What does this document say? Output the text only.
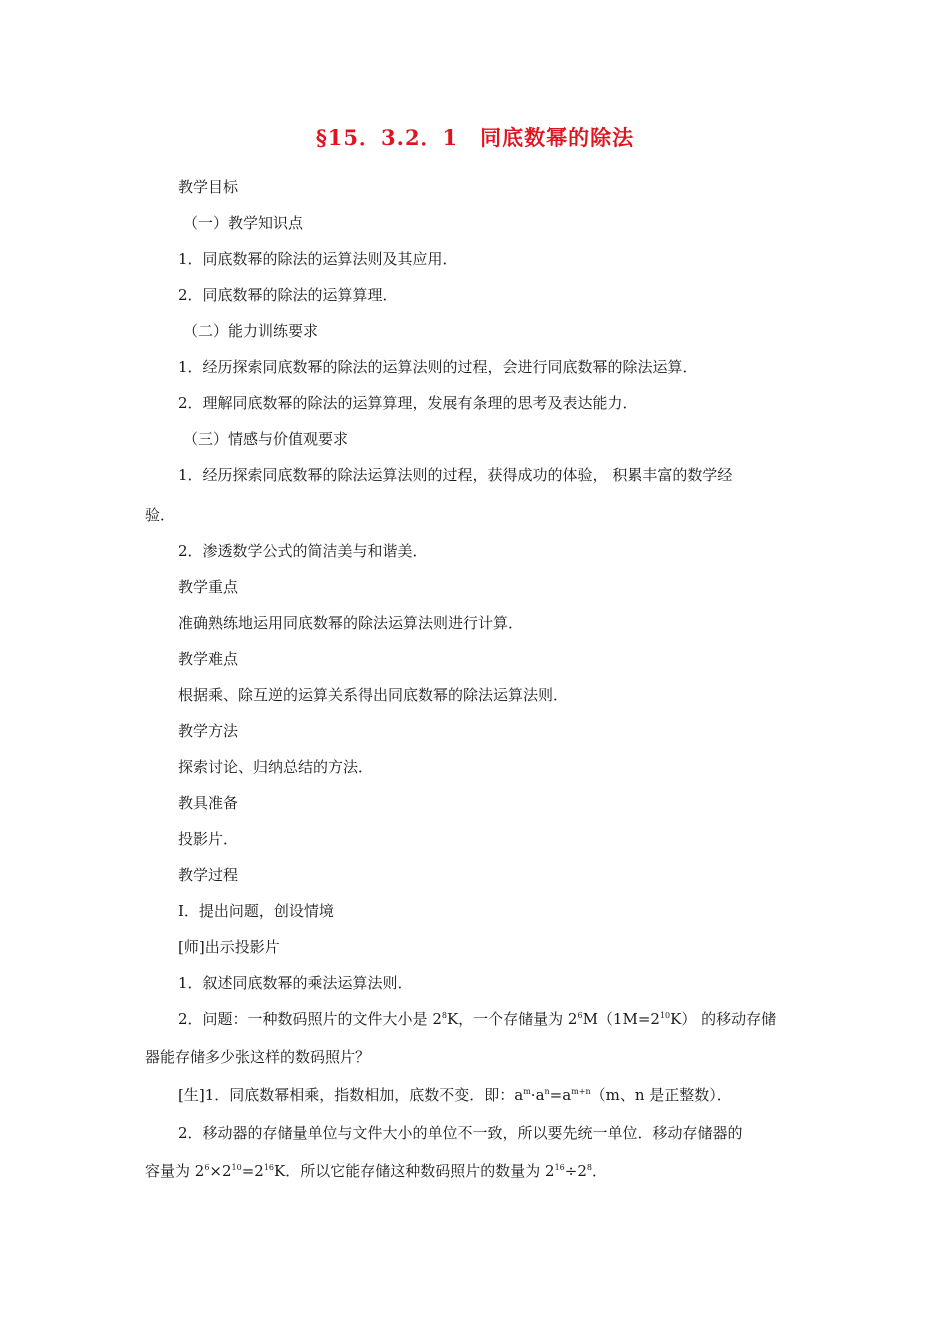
§15．3.2．1　同底数幂的除法
教学目标
（一）教学知识点
1．同底数幂的除法的运算法则及其应用．
2．同底数幂的除法的运算算理．
（二）能力训练要求
1．经历探索同底数幂的除法的运算法则的过程，会进行同底数幂的除法运算．
2．理解同底数幂的除法的运算算理，发展有条理的思考及表达能力．
（三）情感与价值观要求
1．经历探索同底数幂的除法运算法则的过程，获得成功的体验， 积累丰富的数学经
验．
2．渗透数学公式的简洁美与和谐美．
教学重点
准确熟练地运用同底数幂的除法运算法则进行计算．
教学难点
根据乘、除互逆的运算关系得出同底数幂的除法运算法则．
教学方法
探索讨论、归纳总结的方法．
教具准备
投影片．
教学过程
Ⅰ．提出问题，创设情境
[师]出示投影片
1．叙述同底数幂的乘法运算法则．
2．问题：一种数码照片的文件大小是 $2^8K$，一个存储量为 $2^6M(1M=2^{10}K)$ 的移动存储
器能存储多少张这样的数码照片？
[生]1．同底数幂相乘，指数相加，底数不变．即：$a^m\cdot a^n=a^{m+n}(m$、n 是正整数）．
2．移动器的存储量单位与文件大小的单位不一致，所以要先统一单位．移动存储器的
容量为 $2^6\times 2^{10}=2^{16}K$．所以它能存储这种数码照片的数量为 $2^{16}\div 2^8$．
